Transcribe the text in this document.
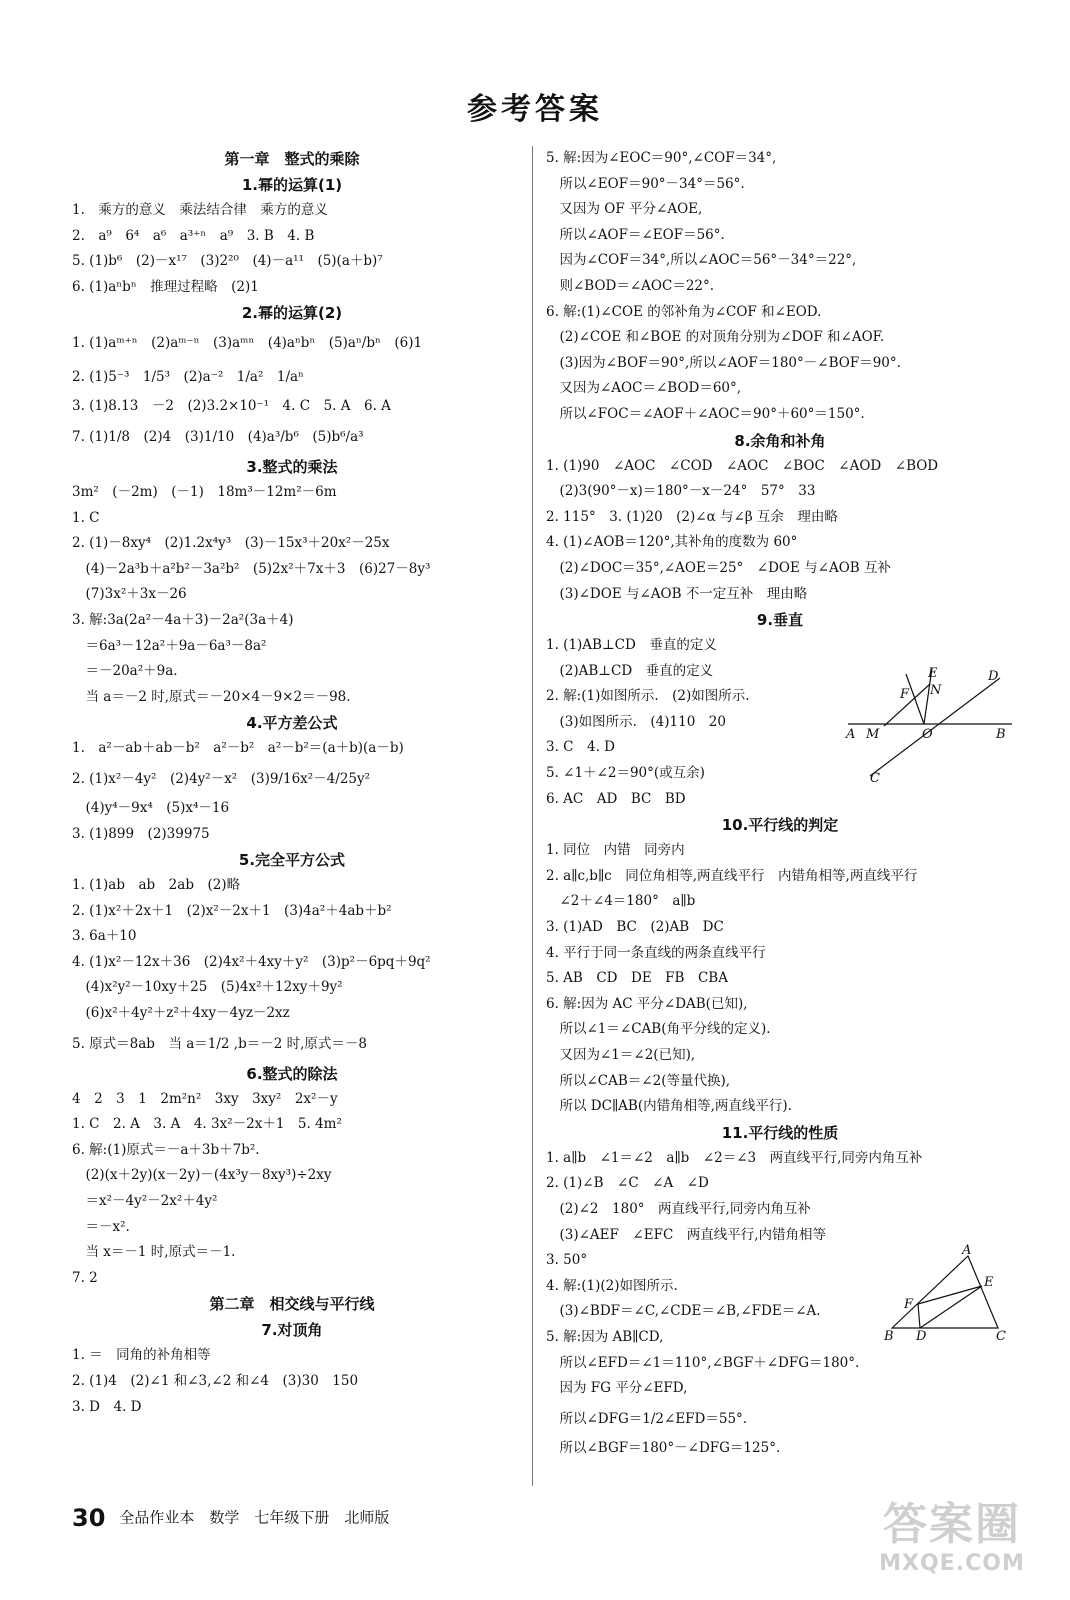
参考答案
第一章　整式的乘除
1.幂的运算(1)
1.　乘方的意义　乘法结合律　乘方的意义
2.　a⁹　6⁴　a⁶　a³⁺ⁿ　a⁹　3. B　4. B
5. (1)b⁶　(2)－x¹⁷　(3)2²⁰　(4)－a¹¹　(5)(a＋b)⁷
6. (1)aⁿbⁿ　推理过程略　(2)1
2.幂的运算(2)
1. (1)aᵐ⁺ⁿ　(2)aᵐ⁻ⁿ　(3)aᵐⁿ　(4)aⁿbⁿ　(5)aⁿ/bⁿ　(6)1
2. (1)5⁻³　1/5³　(2)a⁻²　1/a²　1/aⁿ
3. (1)8.13　－2　(2)3.2×10⁻¹　4. C　5. A　6. A
7. (1)1/8　(2)4　(3)1/10　(4)a³/b⁶　(5)b⁶/a³
3.整式的乘法
3m²　(－2m)　(－1)　18m³－12m²－6m
1. C
2. (1)－8xy⁴　(2)1.2x⁴y³　(3)－15x³＋20x²－25x
　(4)－2a³b＋a²b²－3a²b²　(5)2x²＋7x＋3　(6)27－8y³
　(7)3x²＋3x－26
3. 解:3a(2a²－4a＋3)－2a²(3a＋4)
　＝6a³－12a²＋9a－6a³－8a²
　＝－20a²＋9a.
　当 a＝－2 时,原式＝－20×4－9×2＝－98.
4.平方差公式
1.　a²－ab＋ab－b²　a²－b²　a²－b²＝(a＋b)(a－b)
2. (1)x²－4y²　(2)4y²－x²　(3)9/16x²－4/25y²
　(4)y⁴－9x⁴　(5)x⁴－16
3. (1)899　(2)39975
5.完全平方公式
1. (1)ab　ab　2ab　(2)略
2. (1)x²＋2x＋1　(2)x²－2x＋1　(3)4a²＋4ab＋b²
3. 6a＋10
4. (1)x²－12x＋36　(2)4x²＋4xy＋y²　(3)p²－6pq＋9q²
　(4)x²y²－10xy＋25　(5)4x²＋12xy＋9y²
　(6)x²＋4y²＋z²＋4xy－4yz－2xz
5. 原式＝8ab　当 a＝1/2 ,b＝－2 时,原式＝－8
6.整式的除法
4　2　3　1　2m²n²　3xy　3xy²　2x²－y
1. C　2. A　3. A　4. 3x²－2x＋1　5. 4m²
6. 解:(1)原式＝－a＋3b＋7b².
　(2)(x＋2y)(x－2y)－(4x³y－8xy³)÷2xy
　＝x²－4y²－2x²＋4y²
　＝－x².
　当 x＝－1 时,原式＝－1.
7. 2
第二章　相交线与平行线
7.对顶角
1. ＝　同角的补角相等
2. (1)4　(2)∠1 和∠3,∠2 和∠4　(3)30　150
3. D　4. D
5. 解:因为∠EOC＝90°,∠COF＝34°,
　所以∠EOF＝90°－34°＝56°.
　又因为 OF 平分∠AOE,
　所以∠AOF＝∠EOF＝56°.
　因为∠COF＝34°,所以∠AOC＝56°－34°＝22°,
　则∠BOD＝∠AOC＝22°.
6. 解:(1)∠COE 的邻补角为∠COF 和∠EOD.
　(2)∠COE 和∠BOE 的对顶角分别为∠DOF 和∠AOF.
　(3)因为∠BOF＝90°,所以∠AOF＝180°－∠BOF＝90°.
　又因为∠AOC＝∠BOD＝60°,
　所以∠FOC＝∠AOF＋∠AOC＝90°＋60°＝150°.
8.余角和补角
1. (1)90　∠AOC　∠COD　∠AOC　∠BOC　∠AOD　∠BOD
　(2)3(90°－x)＝180°－x－24°　57°　33
2. 115°　3. (1)20　(2)∠α 与∠β 互余　理由略
4. (1)∠AOB＝120°,其补角的度数为 60°
　(2)∠DOC＝35°,∠AOE＝25°　∠DOE 与∠AOB 互补
　(3)∠DOE 与∠AOB 不一定互补　理由略
9.垂直
1. (1)AB⊥CD　垂直的定义
　(2)AB⊥CD　垂直的定义
2. 解:(1)如图所示.　(2)如图所示.
　(3)如图所示.　(4)110　20
3. C　4. D
5. ∠1＋∠2＝90°(或互余)
6. AC　AD　BC　BD
10.平行线的判定
1. 同位　内错　同旁内
2. a∥c,b∥c　同位角相等,两直线平行　内错角相等,两直线平行
　∠2＋∠4＝180°　a∥b
3. (1)AD　BC　(2)AB　DC
4. 平行于同一条直线的两条直线平行
5. AB　CD　DE　FB　CBA
6. 解:因为 AC 平分∠DAB(已知),
　所以∠1＝∠CAB(角平分线的定义).
　又因为∠1＝∠2(已知),
　所以∠CAB＝∠2(等量代换),
　所以 DC∥AB(内错角相等,两直线平行).
11.平行线的性质
1. a∥b　∠1＝∠2　a∥b　∠2＝∠3　两直线平行,同旁内角互补
2. (1)∠B　∠C　∠A　∠D
　(2)∠2　180°　两直线平行,同旁内角互补
　(3)∠AEF　∠EFC　两直线平行,内错角相等
3. 50°
4. 解:(1)(2)如图所示.
　(3)∠BDF＝∠C,∠CDE＝∠B,∠FDE＝∠A.
5. 解:因为 AB∥CD,
　所以∠EFD＝∠1＝110°,∠BGF＋∠DFG＝180°.
　因为 FG 平分∠EFD,
　所以∠DFG＝1/2∠EFD＝55°.
　所以∠BGF＝180°－∠DFG＝125°.
E
N
D
F
A M	O	B
C
A
E
F
B D	C
30 全品作业本　数学　七年级下册　北师版	答案圈
MXQE.COM
